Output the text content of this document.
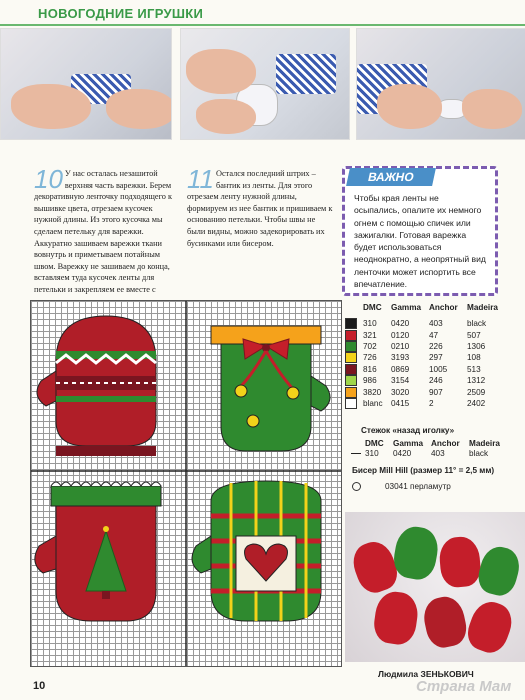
НОВОГОДНИЕ ИГРУШКИ
10 У нас осталась незашитой верхняя часть варежки. Берем декоративную ленточку подходящего к вышивке цвета, отрезаем кусочек нужной длины. Из этого кусочка мы сделаем петельку для варежки. Аккуратно зашиваем варежки ткани вовнутрь и приметываем потайным швом. Варежку не зашиваем до конца, вставляем туда кусочек ленты для петельки и закрепляем ее вместе с
11 Остался последний штрих – бантик из ленты. Для этого отрезаем ленту нужной длины, формируем из нее бантик и пришиваем к основанию петельки. Чтобы швы не были видны, можно задекорировать их бусинками или бисером.
ВАЖНО
Чтобы края ленты не осыпались, опалите их немного огнем с помощью спичек или зажигалки. Готовая варежка будет использоваться неоднократно, а неопрятный вид ленточки может испортить все впечатление.
DMC	Gamma Anchor	Madeira
310	0420	403	black
321	0120	47	507
702	0210	226	1306
726	3193	297	108
816	0869	1005	513
986	3154	246	1312
3820	3020	907	2509
blanc	0415	2	2402
Стежок «назад иголку»
DMC	Gamma Anchor	Madeira
310	0420	403	black
Бисер Mill Hill (размер 11° = 2,5 мм)
03041 перламутр
Людмила ЗЕНЬКОВИЧ
10	Страна Мам
